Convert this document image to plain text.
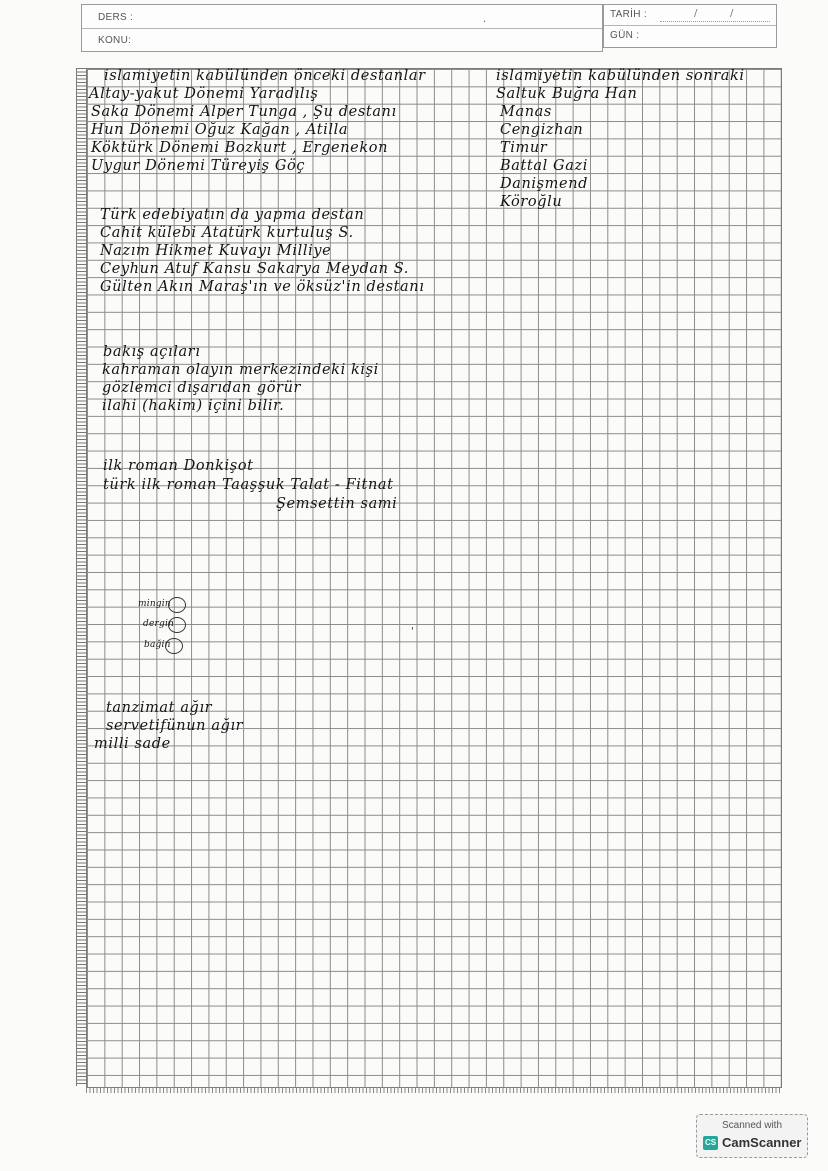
DERS :	.
KONU:
TARİH :	/	/
GÜN :
islamiyetin kabülünden önceki destanlar
Altay-yakut Dönemi Yaradılış
Saka Dönemi Alper Tunga , Şu destanı
Hun Dönemi Oğuz Kağan , Atilla
Köktürk Dönemi Bozkurt , Ergenekon
Uygur Dönemi Türeyiş Göç
Türk edebiyatın da yapma destan
Cahit külebi Atatürk kurtuluş S.
Nazım Hikmet Kuvayı Milliye
Ceyhun Atuf Kansu Sakarya Meydan S.
Gülten Akın Maraş'ın ve öksüz'in destanı
bakış açıları
kahraman olayın merkezindeki kişi
gözlemci dışarıdan görür
ilahi (hakim) içini bilir.
ilk roman Donkişot
türk ilk roman Taaşşuk Talat - Fitnat
Şemsettin sami
mingin
dergin
bağin
'
tanzimat ağır
servetifünun ağır
milli sade
islamiyetin kabülünden sonraki
Saltuk Buğra Han
Manas
Cengizhan
Timur
Battal Gazi
Danişmend
Köroğlu
Scanned with
CS CamScanner
